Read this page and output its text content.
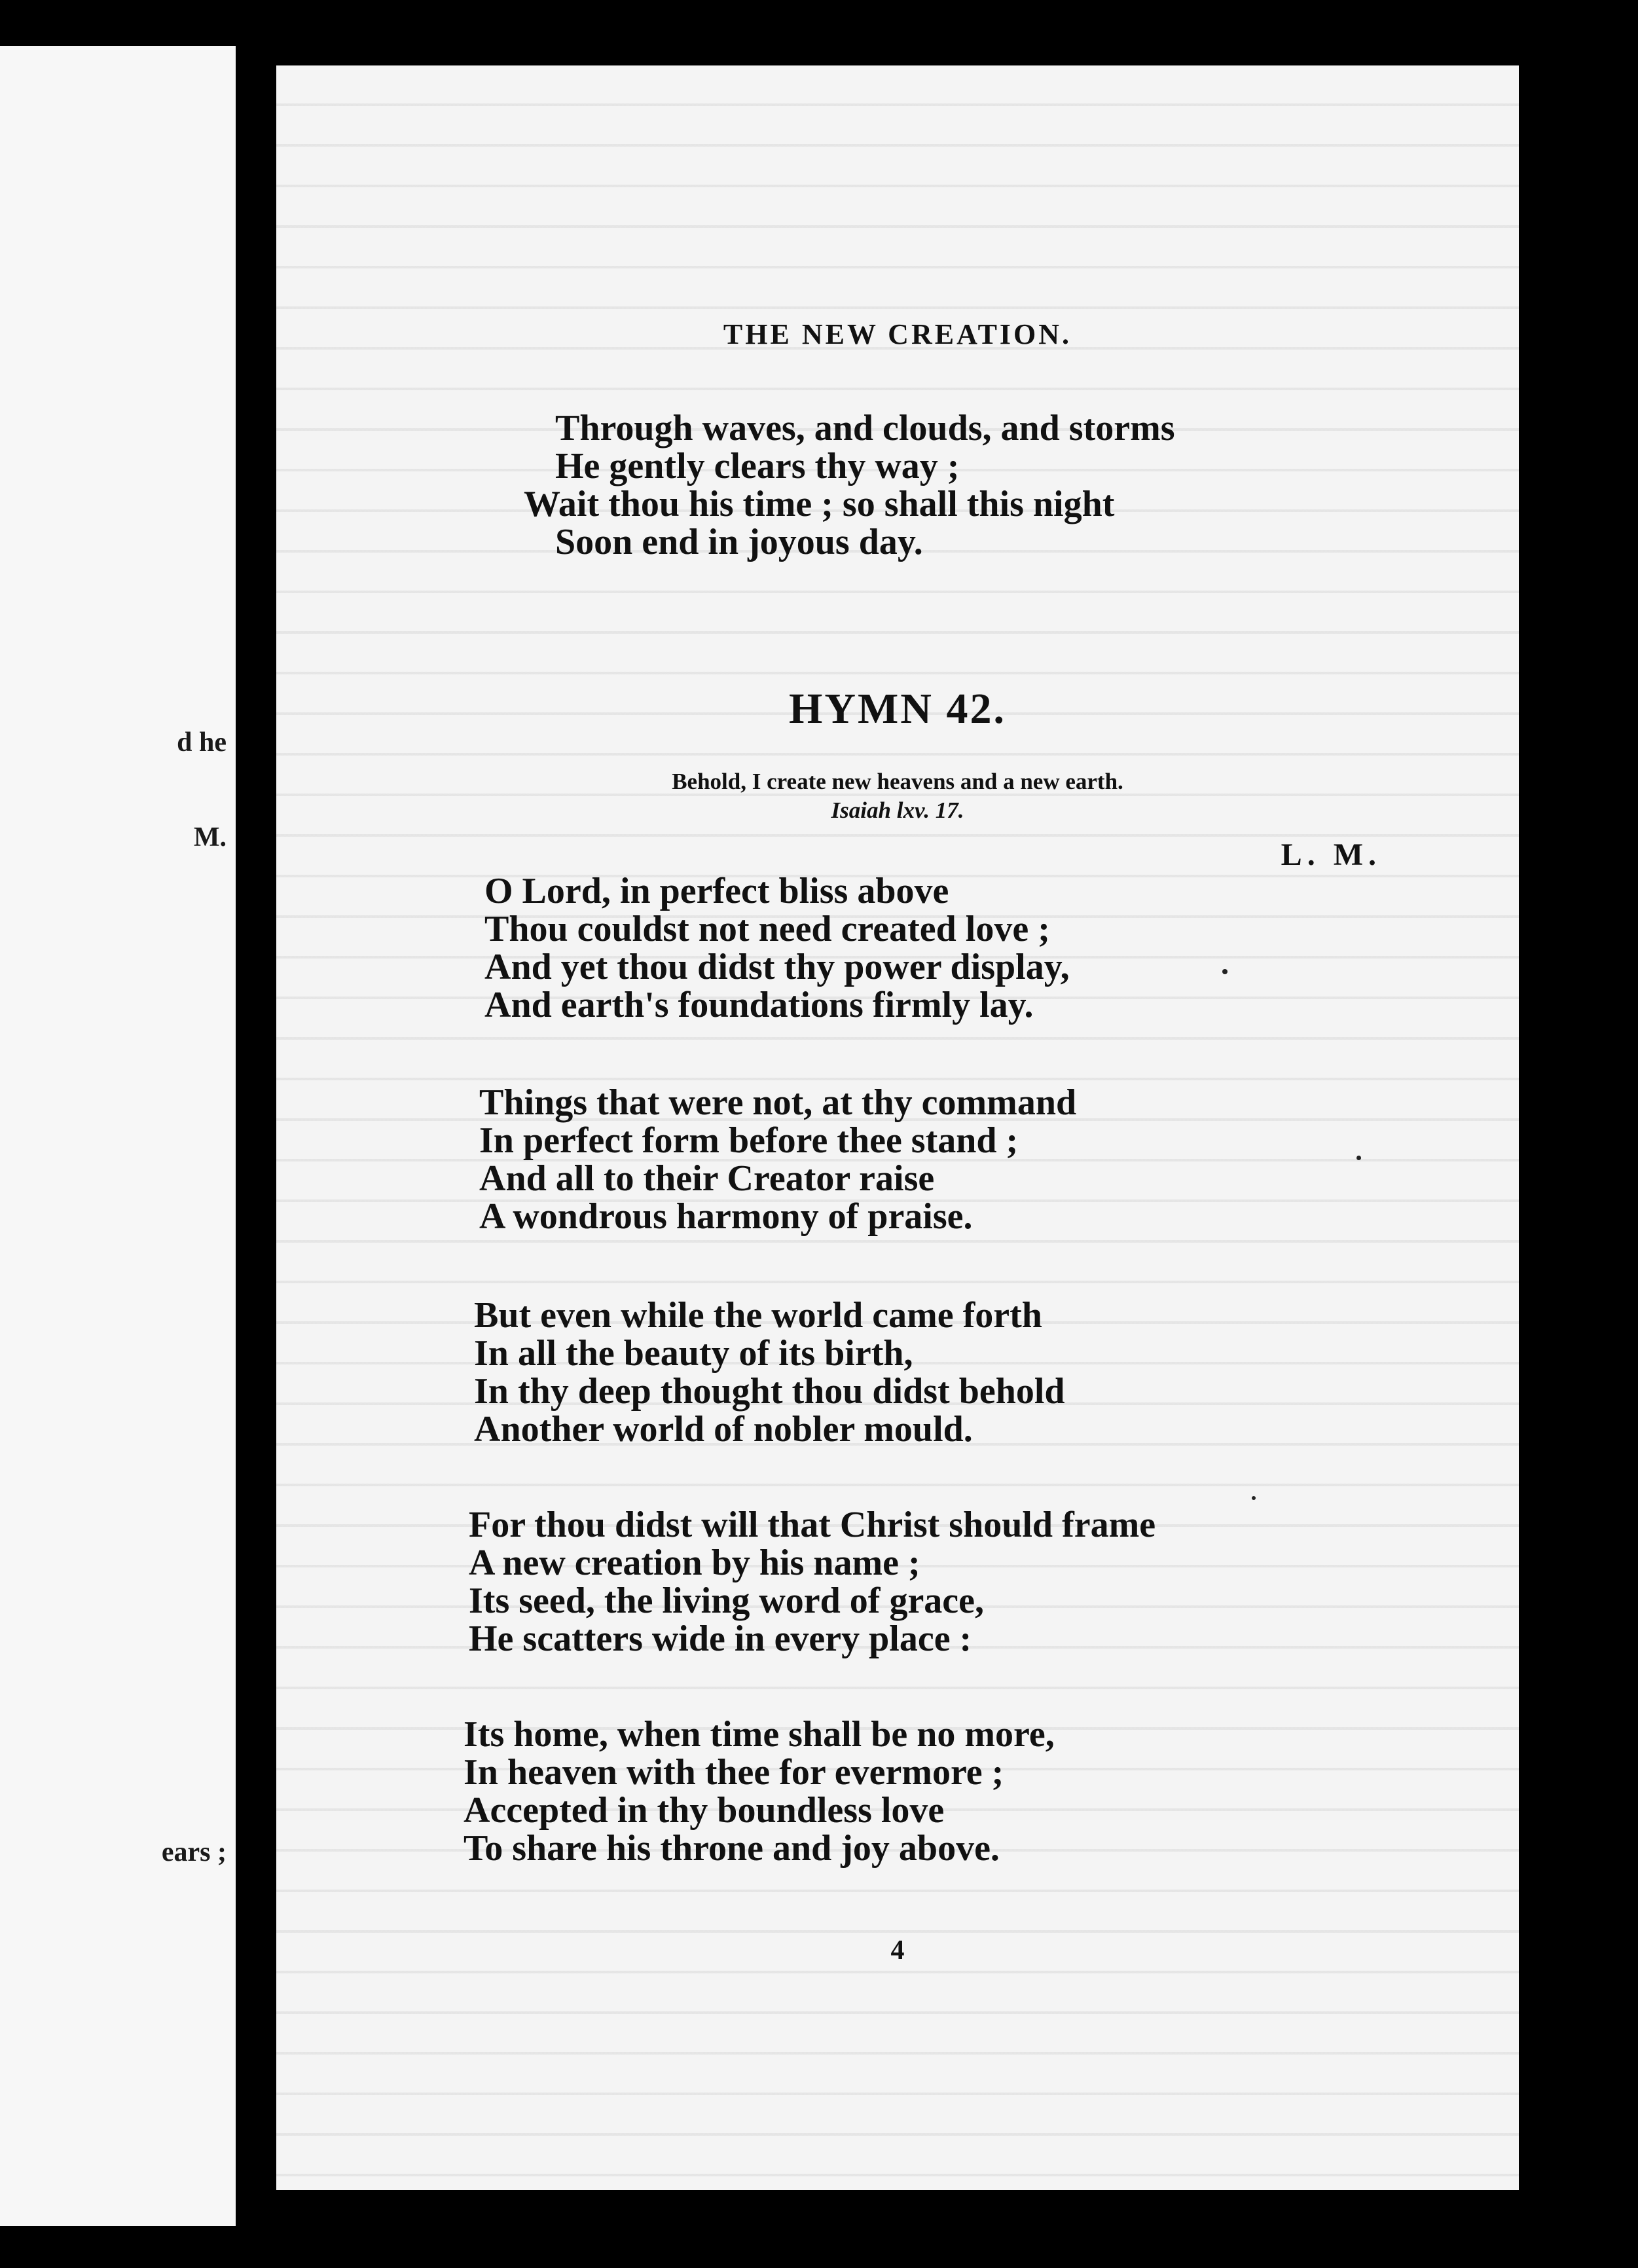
d he
M.
ears ;
THE NEW CREATION.
Through waves, and clouds, and storms
He gently clears thy way ;
Wait thou his time ; so shall this night
Soon end in joyous day.
HYMN 42.
Behold, I create new heavens and a new earth.
Isaiah lxv. 17.
L. M.
O Lord, in perfect bliss above
Thou couldst not need created love ;
And yet thou didst thy power display,
And earth's foundations firmly lay.
Things that were not, at thy command
In perfect form before thee stand ;
And all to their Creator raise
A wondrous harmony of praise.
But even while the world came forth
In all the beauty of its birth,
In thy deep thought thou didst behold
Another world of nobler mould.
For thou didst will that Christ should frame
A new creation by his name ;
Its seed, the living word of grace,
He scatters wide in every place :
Its home, when time shall be no more,
In heaven with thee for evermore ;
Accepted in thy boundless love
To share his throne and joy above.
4
